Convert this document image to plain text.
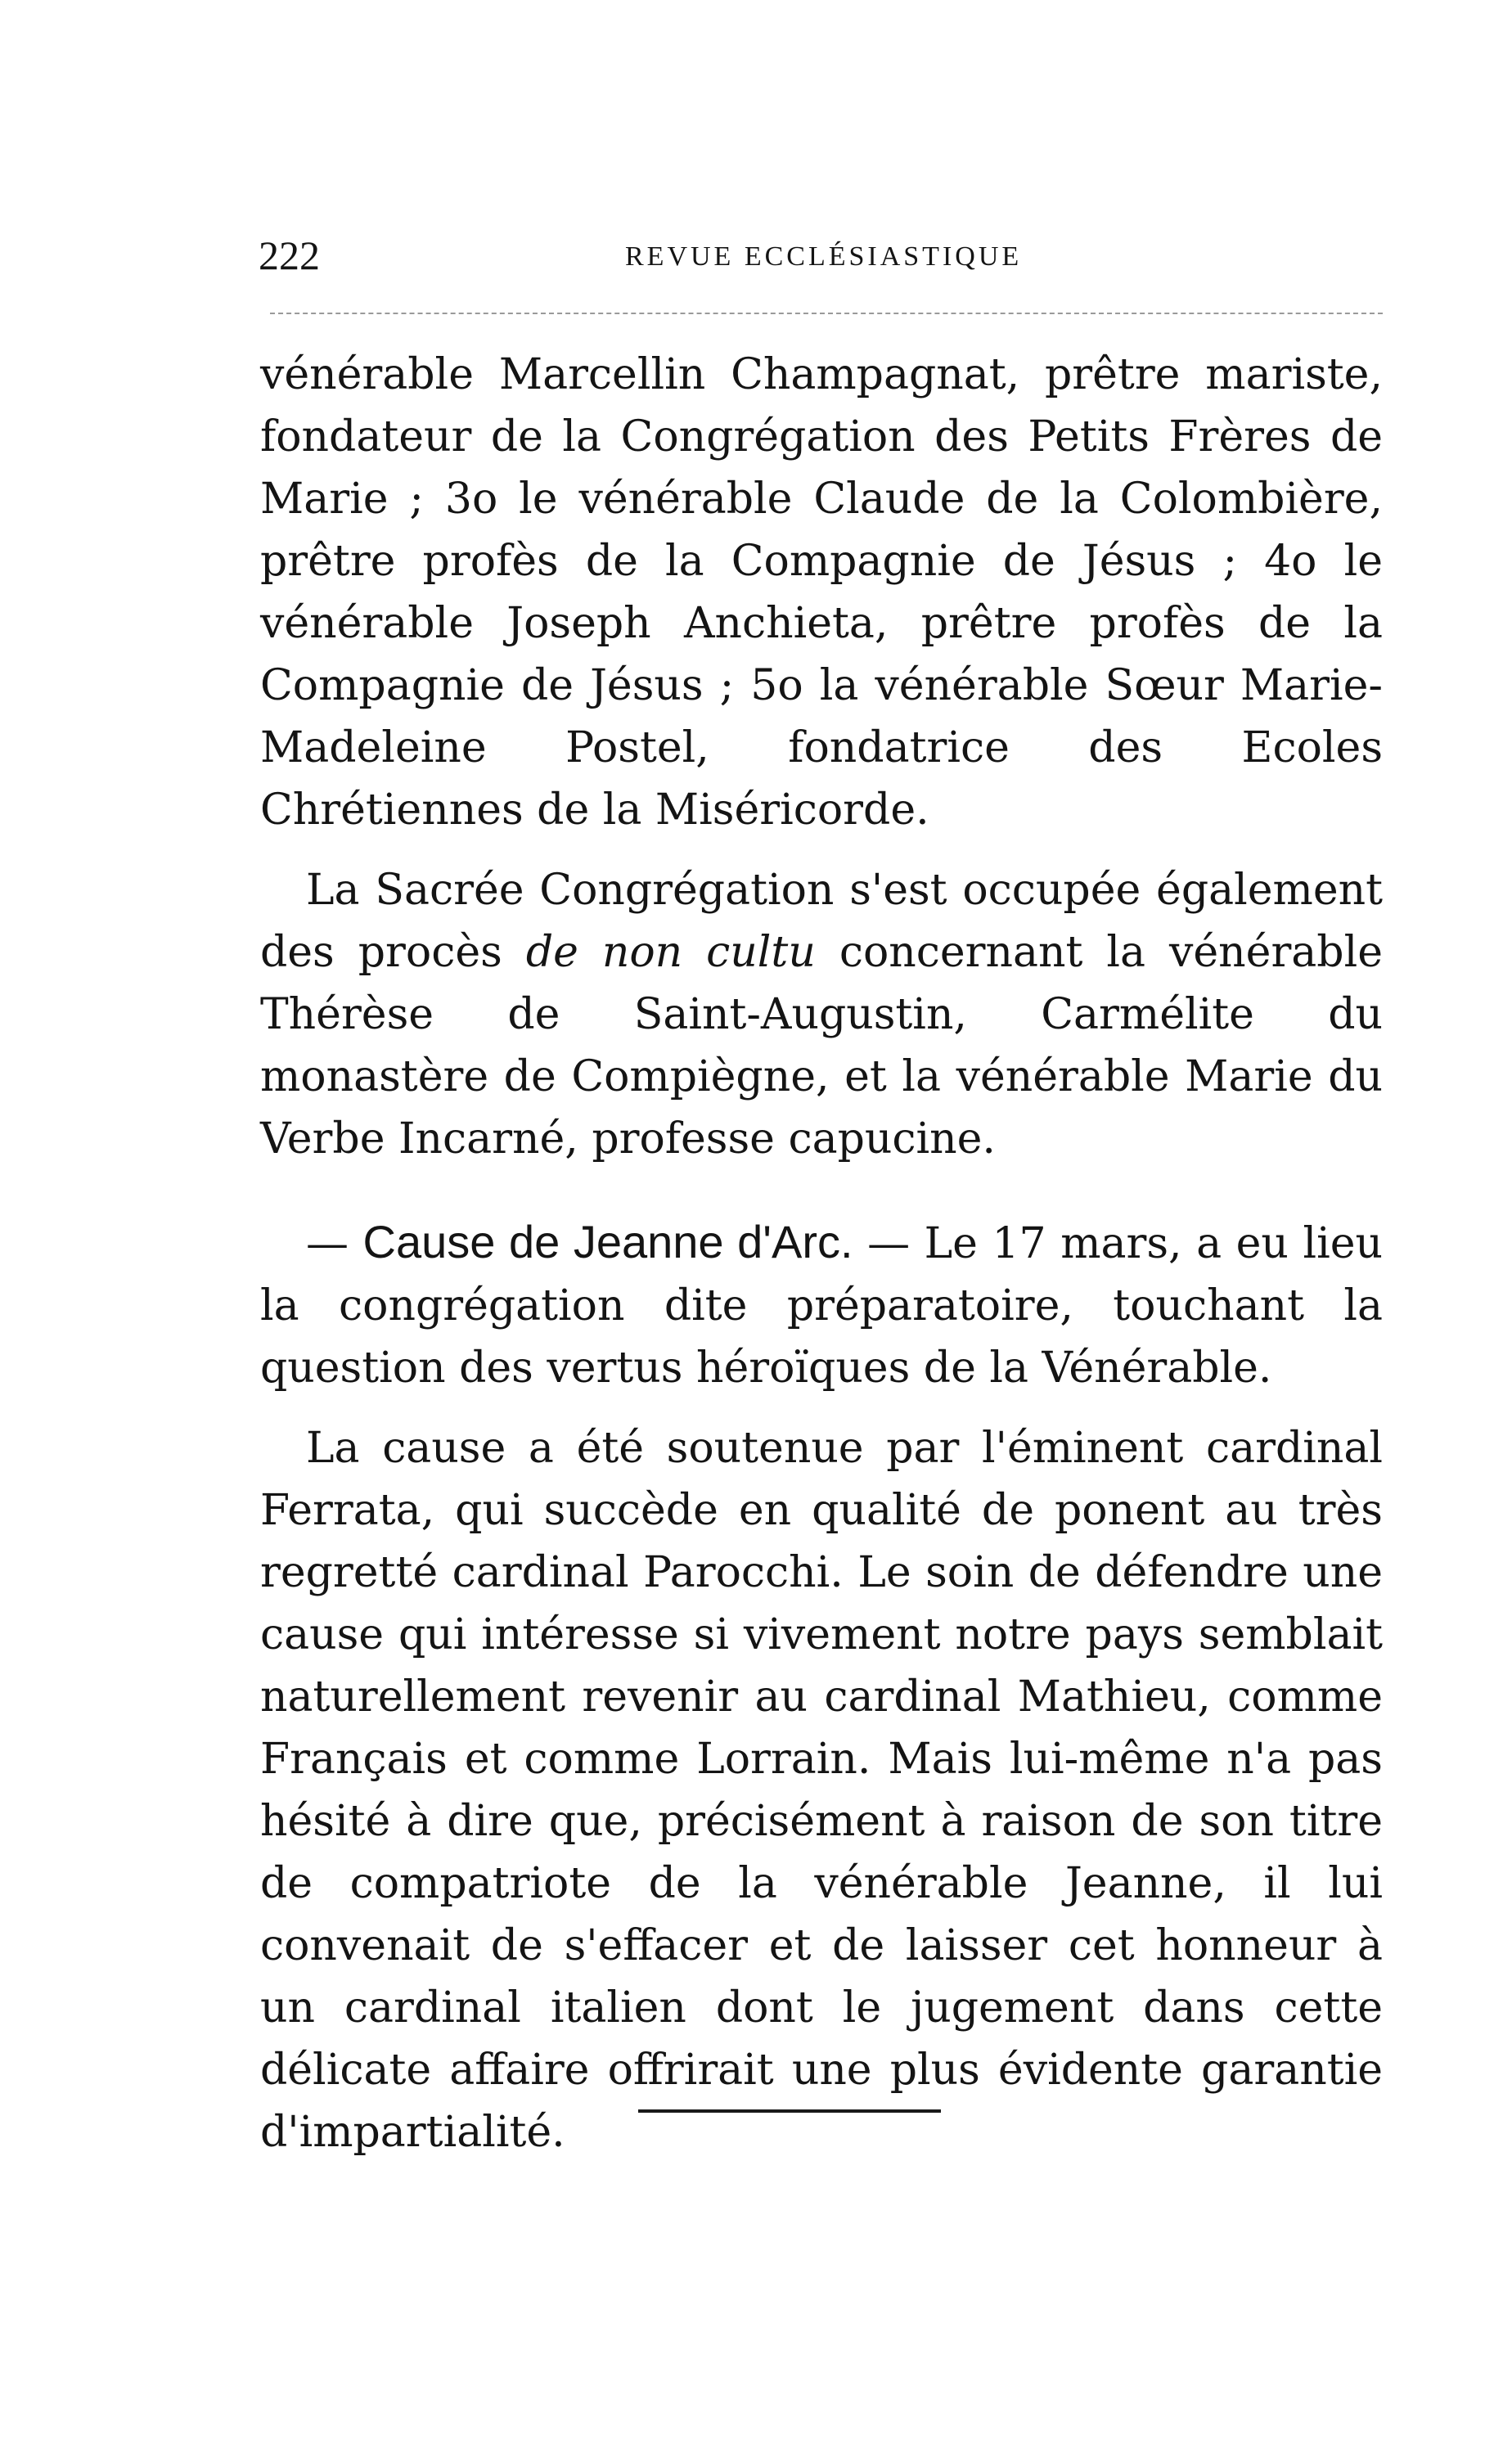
222	REVUE ECCLÉSIASTIQUE

vénérable Marcellin Champagnat, prêtre mariste, fondateur de la Congrégation des Petits Frères de Marie ; 3o le vénérable Claude de la Colombière, prêtre profès de la Compagnie de Jésus ; 4o le vénérable Joseph Anchieta, prêtre profès de la Compagnie de Jésus ; 5o la vénérable Sœur Marie-Madeleine Postel, fondatrice des Ecoles Chrétiennes de la Miséricorde.

La Sacrée Congrégation s'est occupée également des procès de non cultu concernant la vénérable Thérèse de Saint-Augustin, Carmélite du monastère de Compiègne, et la vénérable Marie du Verbe Incarné, professe capucine.

— Cause de Jeanne d'Arc. — Le 17 mars, a eu lieu la congrégation dite préparatoire, touchant la question des vertus héroïques de la Vénérable.

La cause a été soutenue par l'éminent cardinal Ferrata, qui succède en qualité de ponent au très regretté cardinal Parocchi. Le soin de défendre une cause qui intéresse si vivement notre pays semblait naturellement revenir au cardinal Mathieu, comme Français et comme Lorrain. Mais lui-même n'a pas hésité à dire que, précisément à raison de son titre de compatriote de la vénérable Jeanne, il lui convenait de s'effacer et de laisser cet honneur à un cardinal italien dont le jugement dans cette délicate affaire offrirait une plus évidente garantie d'impartialité.
